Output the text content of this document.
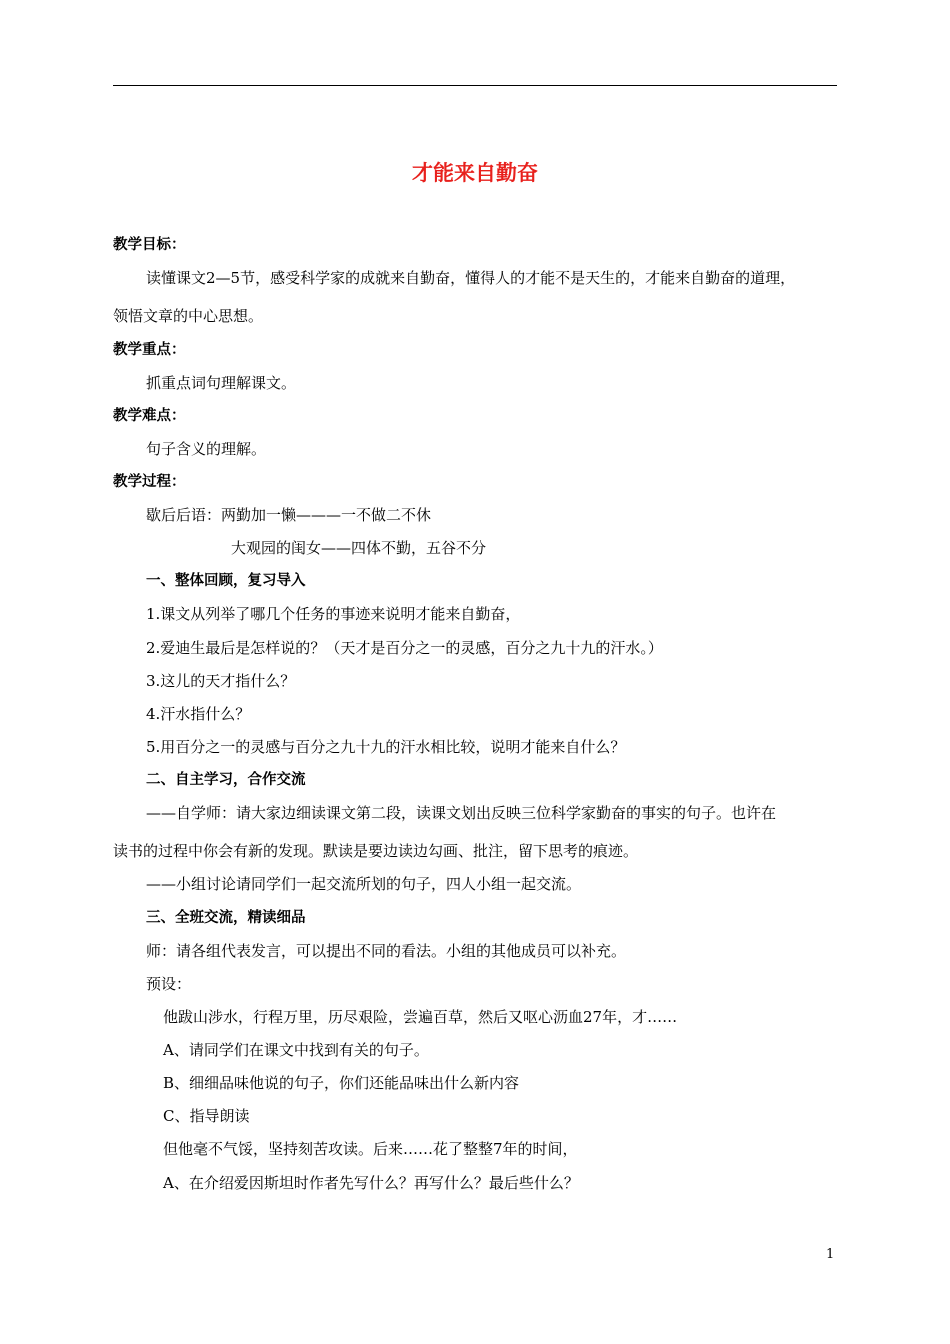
才能来自勤奋
教学目标：
读懂课文2—5节，感受科学家的成就来自勤奋，懂得人的才能不是天生的，才能来自勤奋的道理，
领悟文章的中心思想。
教学重点：
抓重点词句理解课文。
教学难点：
句子含义的理解。
教学过程：
歇后后语：两勤加一懒———一不做二不休
大观园的闺女——四体不勤，五谷不分
一、整体回顾，复习导入
1.课文从列举了哪几个任务的事迹来说明才能来自勤奋，
2.爱迪生最后是怎样说的？（天才是百分之一的灵感，百分之九十九的汗水。）
3.这儿的天才指什么？
4.汗水指什么？
5.用百分之一的灵感与百分之九十九的汗水相比较，说明才能来自什么？
二、自主学习，合作交流
——自学师：请大家边细读课文第二段，读课文划出反映三位科学家勤奋的事实的句子。也许在
读书的过程中你会有新的发现。默读是要边读边勾画、批注，留下思考的痕迹。
——小组讨论请同学们一起交流所划的句子，四人小组一起交流。
三、全班交流，精读细品
师：请各组代表发言，可以提出不同的看法。小组的其他成员可以补充。
预设：
他跋山涉水，行程万里，历尽艰险，尝遍百草，然后又呕心沥血27年，才……
A、请同学们在课文中找到有关的句子。
B、细细品味他说的句子，你们还能品味出什么新内容
C、指导朗读
但他毫不气馁，坚持刻苦攻读。后来……花了整整7年的时间，
A、在介绍爱因斯坦时作者先写什么？再写什么？最后些什么？
1
